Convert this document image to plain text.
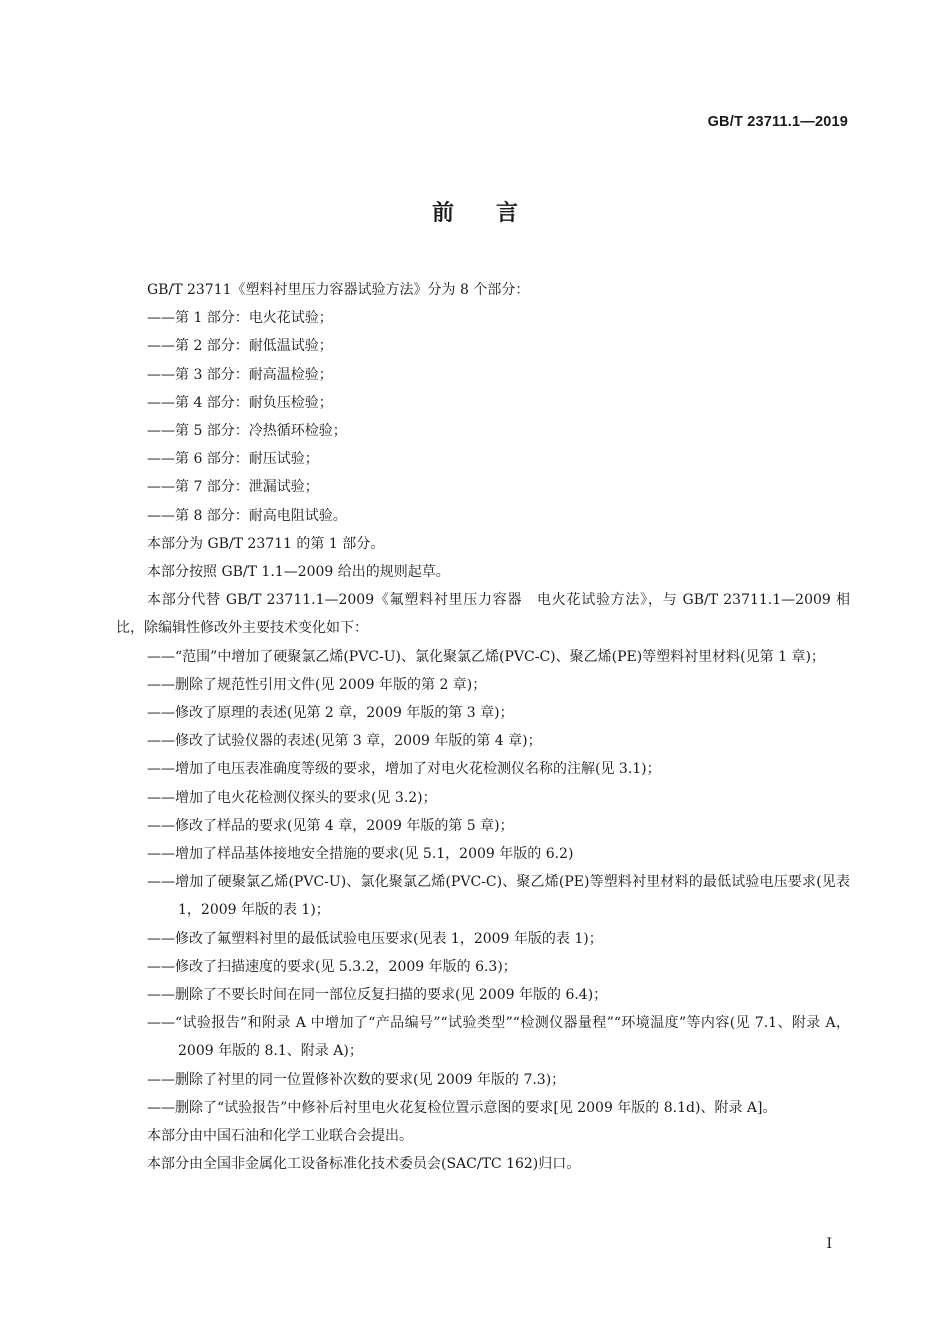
GB/T 23711.1—2019
前言
GB/T 23711《塑料衬里压力容器试验方法》分为 8 个部分：
——第 1 部分：电火花试验；
——第 2 部分：耐低温试验；
——第 3 部分：耐高温检验；
——第 4 部分：耐负压检验；
——第 5 部分：冷热循环检验；
——第 6 部分：耐压试验；
——第 7 部分：泄漏试验；
——第 8 部分：耐高电阻试验。
本部分为 GB/T 23711 的第 1 部分。
本部分按照 GB/T 1.1—2009 给出的规则起草。
本部分代替 GB/T 23711.1—2009《氟塑料衬里压力容器　电火花试验方法》，与 GB/T 23711.1—2009 相比，除编辑性修改外主要技术变化如下：
——“范围”中增加了硬聚氯乙烯(PVC-U)、氯化聚氯乙烯(PVC-C)、聚乙烯(PE)等塑料衬里材料(见第 1 章)；
——删除了规范性引用文件(见 2009 年版的第 2 章)；
——修改了原理的表述(见第 2 章，2009 年版的第 3 章)；
——修改了试验仪器的表述(见第 3 章，2009 年版的第 4 章)；
——增加了电压表准确度等级的要求，增加了对电火花检测仪名称的注解(见 3.1)；
——增加了电火花检测仪探头的要求(见 3.2)；
——修改了样品的要求(见第 4 章，2009 年版的第 5 章)；
——增加了样品基体接地安全措施的要求(见 5.1，2009 年版的 6.2)
——增加了硬聚氯乙烯(PVC-U)、氯化聚氯乙烯(PVC-C)、聚乙烯(PE)等塑料衬里材料的最低试验电压要求(见表 1，2009 年版的表 1)；
——修改了氟塑料衬里的最低试验电压要求(见表 1，2009 年版的表 1)；
——修改了扫描速度的要求(见 5.3.2，2009 年版的 6.3)；
——删除了不要长时间在同一部位反复扫描的要求(见 2009 年版的 6.4)；
——“试验报告”和附录 A 中增加了“产品编号”“试验类型”“检测仪器量程”“环境温度”等内容(见 7.1、附录 A，2009 年版的 8.1、附录 A)；
——删除了衬里的同一位置修补次数的要求(见 2009 年版的 7.3)；
——删除了“试验报告”中修补后衬里电火花复检位置示意图的要求[见 2009 年版的 8.1d)、附录 A]。
本部分由中国石油和化学工业联合会提出。
本部分由全国非金属化工设备标准化技术委员会(SAC/TC 162)归口。
I
